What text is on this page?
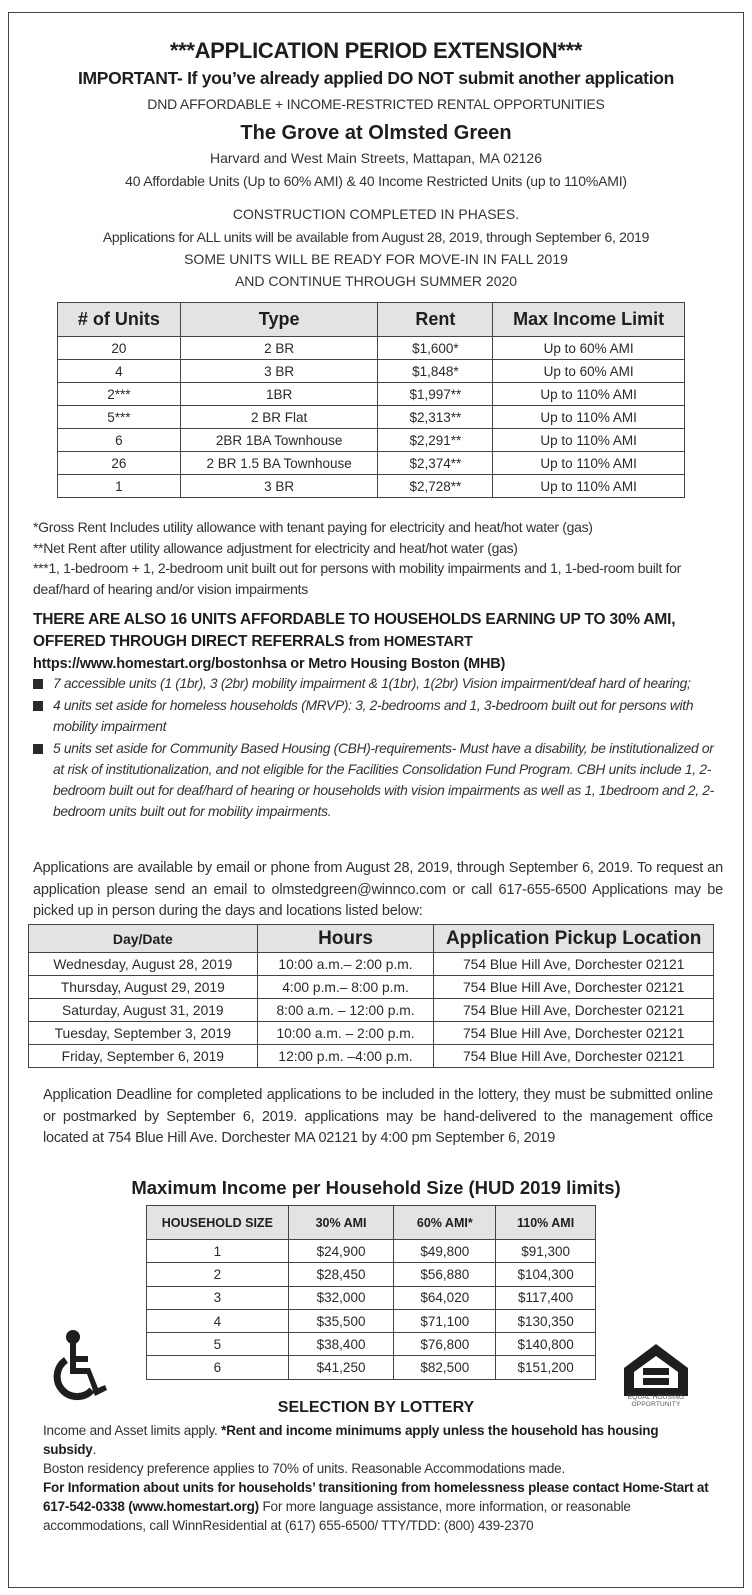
***APPLICATION PERIOD EXTENSION***
IMPORTANT- If you’ve already applied DO NOT submit another application
DND AFFORDABLE + INCOME-RESTRICTED RENTAL OPPORTUNITIES
The Grove at Olmsted Green
Harvard and West Main Streets, Mattapan, MA 02126
40 Affordable Units (Up to 60% AMI) & 40 Income Restricted Units (up to 110%AMI)
CONSTRUCTION COMPLETED IN PHASES.
Applications for ALL units will be available from August 28, 2019, through September 6, 2019
SOME UNITS WILL BE READY FOR MOVE-IN IN FALL 2019
AND CONTINUE THROUGH SUMMER 2020
# of Units	Type	Rent	Max Income Limit
20	2 BR	$1,600*	Up to 60% AMI
4	3 BR	$1,848*	Up to 60% AMI
2***	1BR	$1,997**	Up to 110% AMI
5***	2 BR Flat	$2,313**	Up to 110% AMI
6	2BR 1BA Townhouse	$2,291**	Up to 110% AMI
26	2 BR 1.5 BA Townhouse	$2,374**	Up to 110% AMI
1	3 BR	$2,728**	Up to 110% AMI
*Gross Rent Includes utility allowance with tenant paying for electricity and heat/hot water (gas)
**Net Rent after utility allowance adjustment for electricity and heat/hot water (gas)
***1, 1-bedroom + 1, 2-bedroom unit built out for persons with mobility impairments and 1, 1-bed-room built for deaf/hard of hearing and/or vision impairments
THERE ARE ALSO 16 UNITS AFFORDABLE TO HOUSEHOLDS EARNING UP TO 30% AMI, OFFERED THROUGH DIRECT REFERRALS from HOMESTART https://www.homestart.org/bostonhsa or Metro Housing Boston (MHB)
7 accessible units (1 (1br), 3 (2br) mobility impairment & 1(1br), 1(2br) Vision impairment/deaf hard of hearing;
4 units set aside for homeless households (MRVP): 3, 2-bedrooms and 1, 3-bedroom built out for persons with mobility impairment
5 units set aside for Community Based Housing (CBH)-requirements- Must have a disability, be institutionalized or at risk of institutionalization, and not eligible for the Facilities Consolidation Fund Program. CBH units include 1, 2-bedroom built out for deaf/hard of hearing or households with vision impairments as well as 1, 1bedroom and 2, 2-bedroom units built out for mobility impairments.
Applications are available by email or phone from August 28, 2019, through September 6, 2019. To request an application please send an email to olmstedgreen@winnco.com or call 617-655-6500 Applications may be picked up in person during the days and locations listed below:
Day/Date	Hours	Application Pickup Location
Wednesday, August 28, 2019	10:00 a.m.– 2:00 p.m.	754 Blue Hill Ave, Dorchester 02121
Thursday, August 29, 2019	4:00 p.m.– 8:00 p.m.	754 Blue Hill Ave, Dorchester 02121
Saturday, August 31, 2019	8:00 a.m. – 12:00 p.m.	754 Blue Hill Ave, Dorchester 02121
Tuesday, September 3, 2019	10:00 a.m. – 2:00 p.m.	754 Blue Hill Ave, Dorchester 02121
Friday, September 6, 2019	12:00 p.m. –4:00 p.m.	754 Blue Hill Ave, Dorchester 02121
Application Deadline for completed applications to be included in the lottery, they must be submitted online or postmarked by September 6, 2019. applications may be hand-delivered to the management office located at 754 Blue Hill Ave. Dorchester MA 02121 by 4:00 pm September 6, 2019
Maximum Income per Household Size (HUD 2019 limits)
HOUSEHOLD SIZE	30% AMI	60% AMI*	110% AMI
1	$24,900	$49,800	$91,300
2	$28,450	$56,880	$104,300
3	$32,000	$64,020	$117,400
4	$35,500	$71,100	$130,350
5	$38,400	$76,800	$140,800
6	$41,250	$82,500	$151,200
EQUAL HOUSING
OPPORTUNITY
SELECTION BY LOTTERY
Income and Asset limits apply. *Rent and income minimums apply unless the household has housing subsidy.
Boston residency preference applies to 70% of units. Reasonable Accommodations made.
For Information about units for households’ transitioning from homelessness please contact Home-Start at 617-542-0338 (www.homestart.org) For more language assistance, more information, or reasonable accommodations, call WinnResidential at (617) 655-6500/ TTY/TDD: (800) 439-2370
